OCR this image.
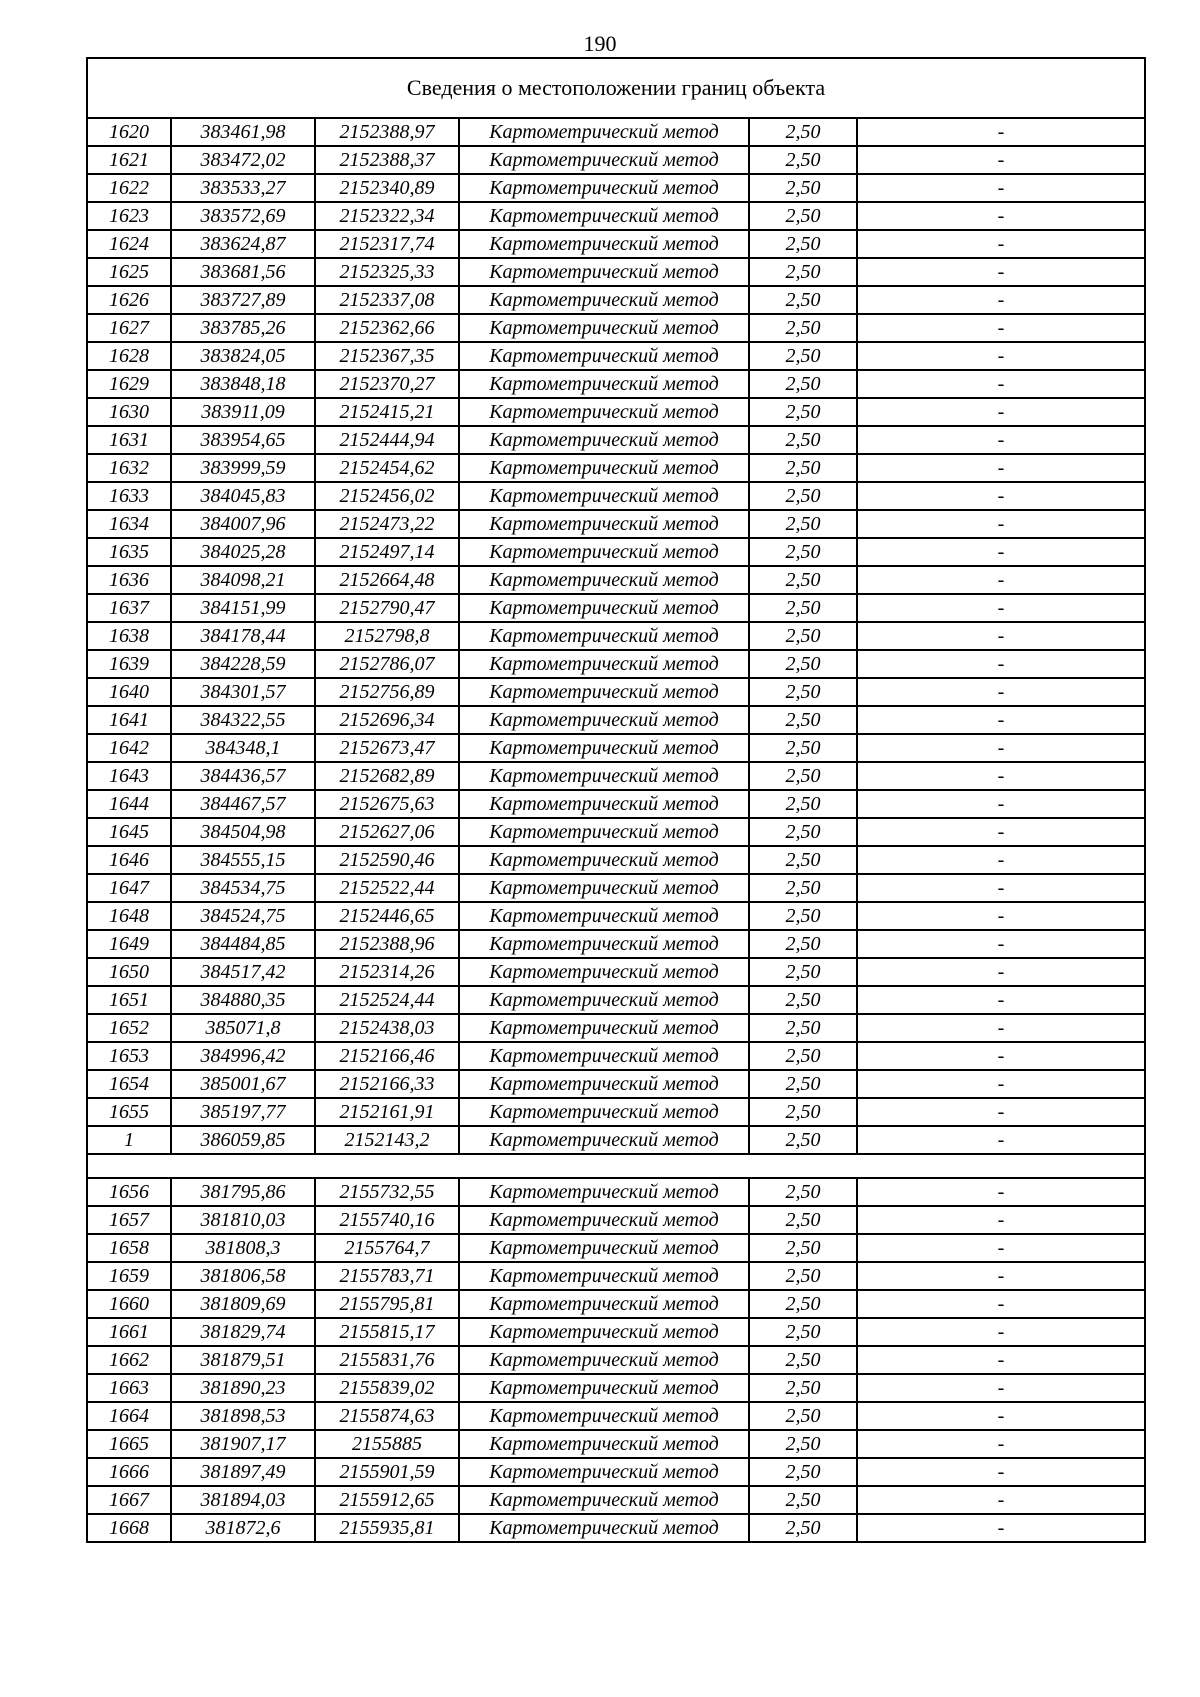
190
Сведения о местоположении границ объекта					
1620	383461,98	2152388,97	Картометрический метод	2,50	-
1621	383472,02	2152388,37	Картометрический метод	2,50	-
1622	383533,27	2152340,89	Картометрический метод	2,50	-
1623	383572,69	2152322,34	Картометрический метод	2,50	-
1624	383624,87	2152317,74	Картометрический метод	2,50	-
1625	383681,56	2152325,33	Картометрический метод	2,50	-
1626	383727,89	2152337,08	Картометрический метод	2,50	-
1627	383785,26	2152362,66	Картометрический метод	2,50	-
1628	383824,05	2152367,35	Картометрический метод	2,50	-
1629	383848,18	2152370,27	Картометрический метод	2,50	-
1630	383911,09	2152415,21	Картометрический метод	2,50	-
1631	383954,65	2152444,94	Картометрический метод	2,50	-
1632	383999,59	2152454,62	Картометрический метод	2,50	-
1633	384045,83	2152456,02	Картометрический метод	2,50	-
1634	384007,96	2152473,22	Картометрический метод	2,50	-
1635	384025,28	2152497,14	Картометрический метод	2,50	-
1636	384098,21	2152664,48	Картометрический метод	2,50	-
1637	384151,99	2152790,47	Картометрический метод	2,50	-
1638	384178,44	2152798,8	Картометрический метод	2,50	-
1639	384228,59	2152786,07	Картометрический метод	2,50	-
1640	384301,57	2152756,89	Картометрический метод	2,50	-
1641	384322,55	2152696,34	Картометрический метод	2,50	-
1642	384348,1	2152673,47	Картометрический метод	2,50	-
1643	384436,57	2152682,89	Картометрический метод	2,50	-
1644	384467,57	2152675,63	Картометрический метод	2,50	-
1645	384504,98	2152627,06	Картометрический метод	2,50	-
1646	384555,15	2152590,46	Картометрический метод	2,50	-
1647	384534,75	2152522,44	Картометрический метод	2,50	-
1648	384524,75	2152446,65	Картометрический метод	2,50	-
1649	384484,85	2152388,96	Картометрический метод	2,50	-
1650	384517,42	2152314,26	Картометрический метод	2,50	-
1651	384880,35	2152524,44	Картометрический метод	2,50	-
1652	385071,8	2152438,03	Картометрический метод	2,50	-
1653	384996,42	2152166,46	Картометрический метод	2,50	-
1654	385001,67	2152166,33	Картометрический метод	2,50	-
1655	385197,77	2152161,91	Картометрический метод	2,50	-
1	386059,85	2152143,2	Картометрический метод	2,50	-

1656	381795,86	2155732,55	Картометрический метод	2,50	-
1657	381810,03	2155740,16	Картометрический метод	2,50	-
1658	381808,3	2155764,7	Картометрический метод	2,50	-
1659	381806,58	2155783,71	Картометрический метод	2,50	-
1660	381809,69	2155795,81	Картометрический метод	2,50	-
1661	381829,74	2155815,17	Картометрический метод	2,50	-
1662	381879,51	2155831,76	Картометрический метод	2,50	-
1663	381890,23	2155839,02	Картометрический метод	2,50	-
1664	381898,53	2155874,63	Картометрический метод	2,50	-
1665	381907,17	2155885	Картометрический метод	2,50	-
1666	381897,49	2155901,59	Картометрический метод	2,50	-
1667	381894,03	2155912,65	Картометрический метод	2,50	-
1668	381872,6	2155935,81	Картометрический метод	2,50	-
